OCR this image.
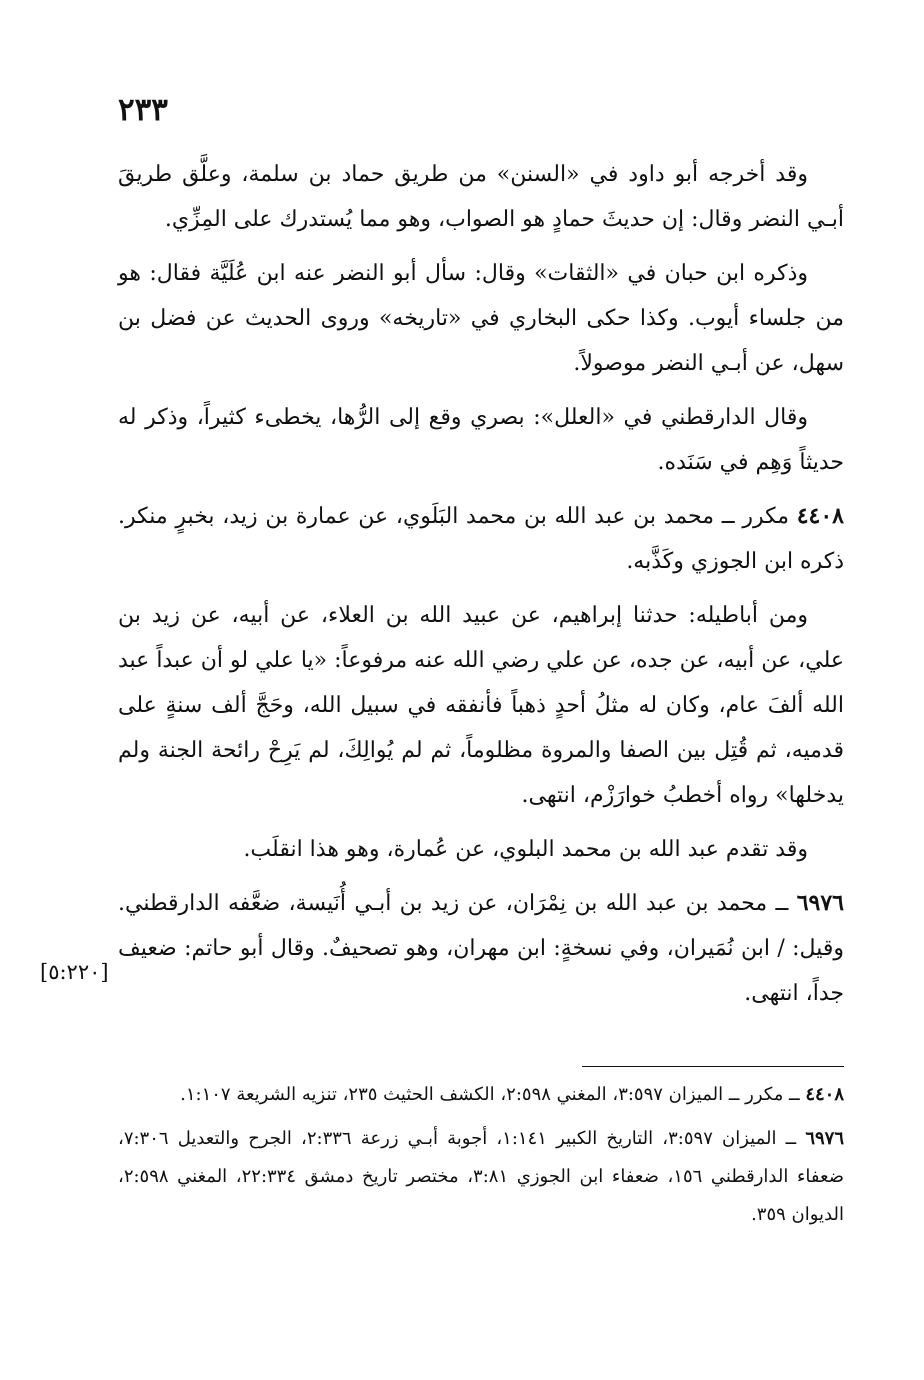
٢٣٣

وقد أخرجه أبو داود في «السنن» من طريق حماد بن سلمة، وعلَّق طريقَ أبـي النضر وقال: إن حديثَ حمادٍ هو الصواب، وهو مما يُستدرك على المِزِّي.

وذكره ابن حبان في «الثقات» وقال: سأل أبو النضر عنه ابن عُلَيَّة فقال: هو من جلساء أيوب. وكذا حكى البخاري في «تاريخه» وروى الحديث عن فضل بن سهل، عن أبـي النضر موصولاً.

وقال الدارقطني في «العلل»: بصري وقع إلى الرُّها، يخطىء كثيراً، وذكر له حديثاً وَهِم في سَنَده.

٤٤٠٨ مكرر ــ محمد بن عبد الله بن محمد البَلَوي، عن عمارة بن زيد، بخبرٍ منكر. ذكره ابن الجوزي وكَذَّبه.

ومن أباطيله: حدثنا إبراهيم، عن عبيد الله بن العلاء، عن أبيه، عن زيد بن علي، عن أبيه، عن جده، عن علي رضي الله عنه مرفوعاً: «يا علي لو أن عبداً عبد الله ألفَ عام، وكان له مثلُ أحدٍ ذهباً فأنفقه في سبيل الله، وحَجَّ ألف سنةٍ على قدميه، ثم قُتِل بين الصفا والمروة مظلوماً، ثم لم يُوالِكَ، لم يَرِحْ رائحة الجنة ولم يدخلها» رواه أخطبُ خوارَزْم، انتهى.

وقد تقدم عبد الله بن محمد البلوي، عن عُمارة، وهو هذا انقلَب.

٦٩٧٦ ــ محمد بن عبد الله بن نِمْرَان، عن زيد بن أبـي أُنَيسة، ضعَّفه الدارقطني. وقيل: / ابن نُمَيران، وفي نسخةٍ: ابن مهران، وهو تصحيفٌ. وقال أبو حاتم: ضعيف جداً، انتهى.

[٥:٢٢٠]

٤٤٠٨ ــ مكرر ــ الميزان ٣:٥٩٧، المغني ٢:٥٩٨، الكشف الحثيث ٢٣٥، تنزيه الشريعة ١:١٠٧.

٦٩٧٦ ــ الميزان ٣:٥٩٧، التاريخ الكبير ١:١٤١، أجوبة أبـي زرعة ٢:٣٣٦، الجرح والتعديل ٧:٣٠٦، ضعفاء الدارقطني ١٥٦، ضعفاء ابن الجوزي ٣:٨١، مختصر تاريخ دمشق ٢٢:٣٣٤، المغني ٢:٥٩٨، الديوان ٣٥٩.
